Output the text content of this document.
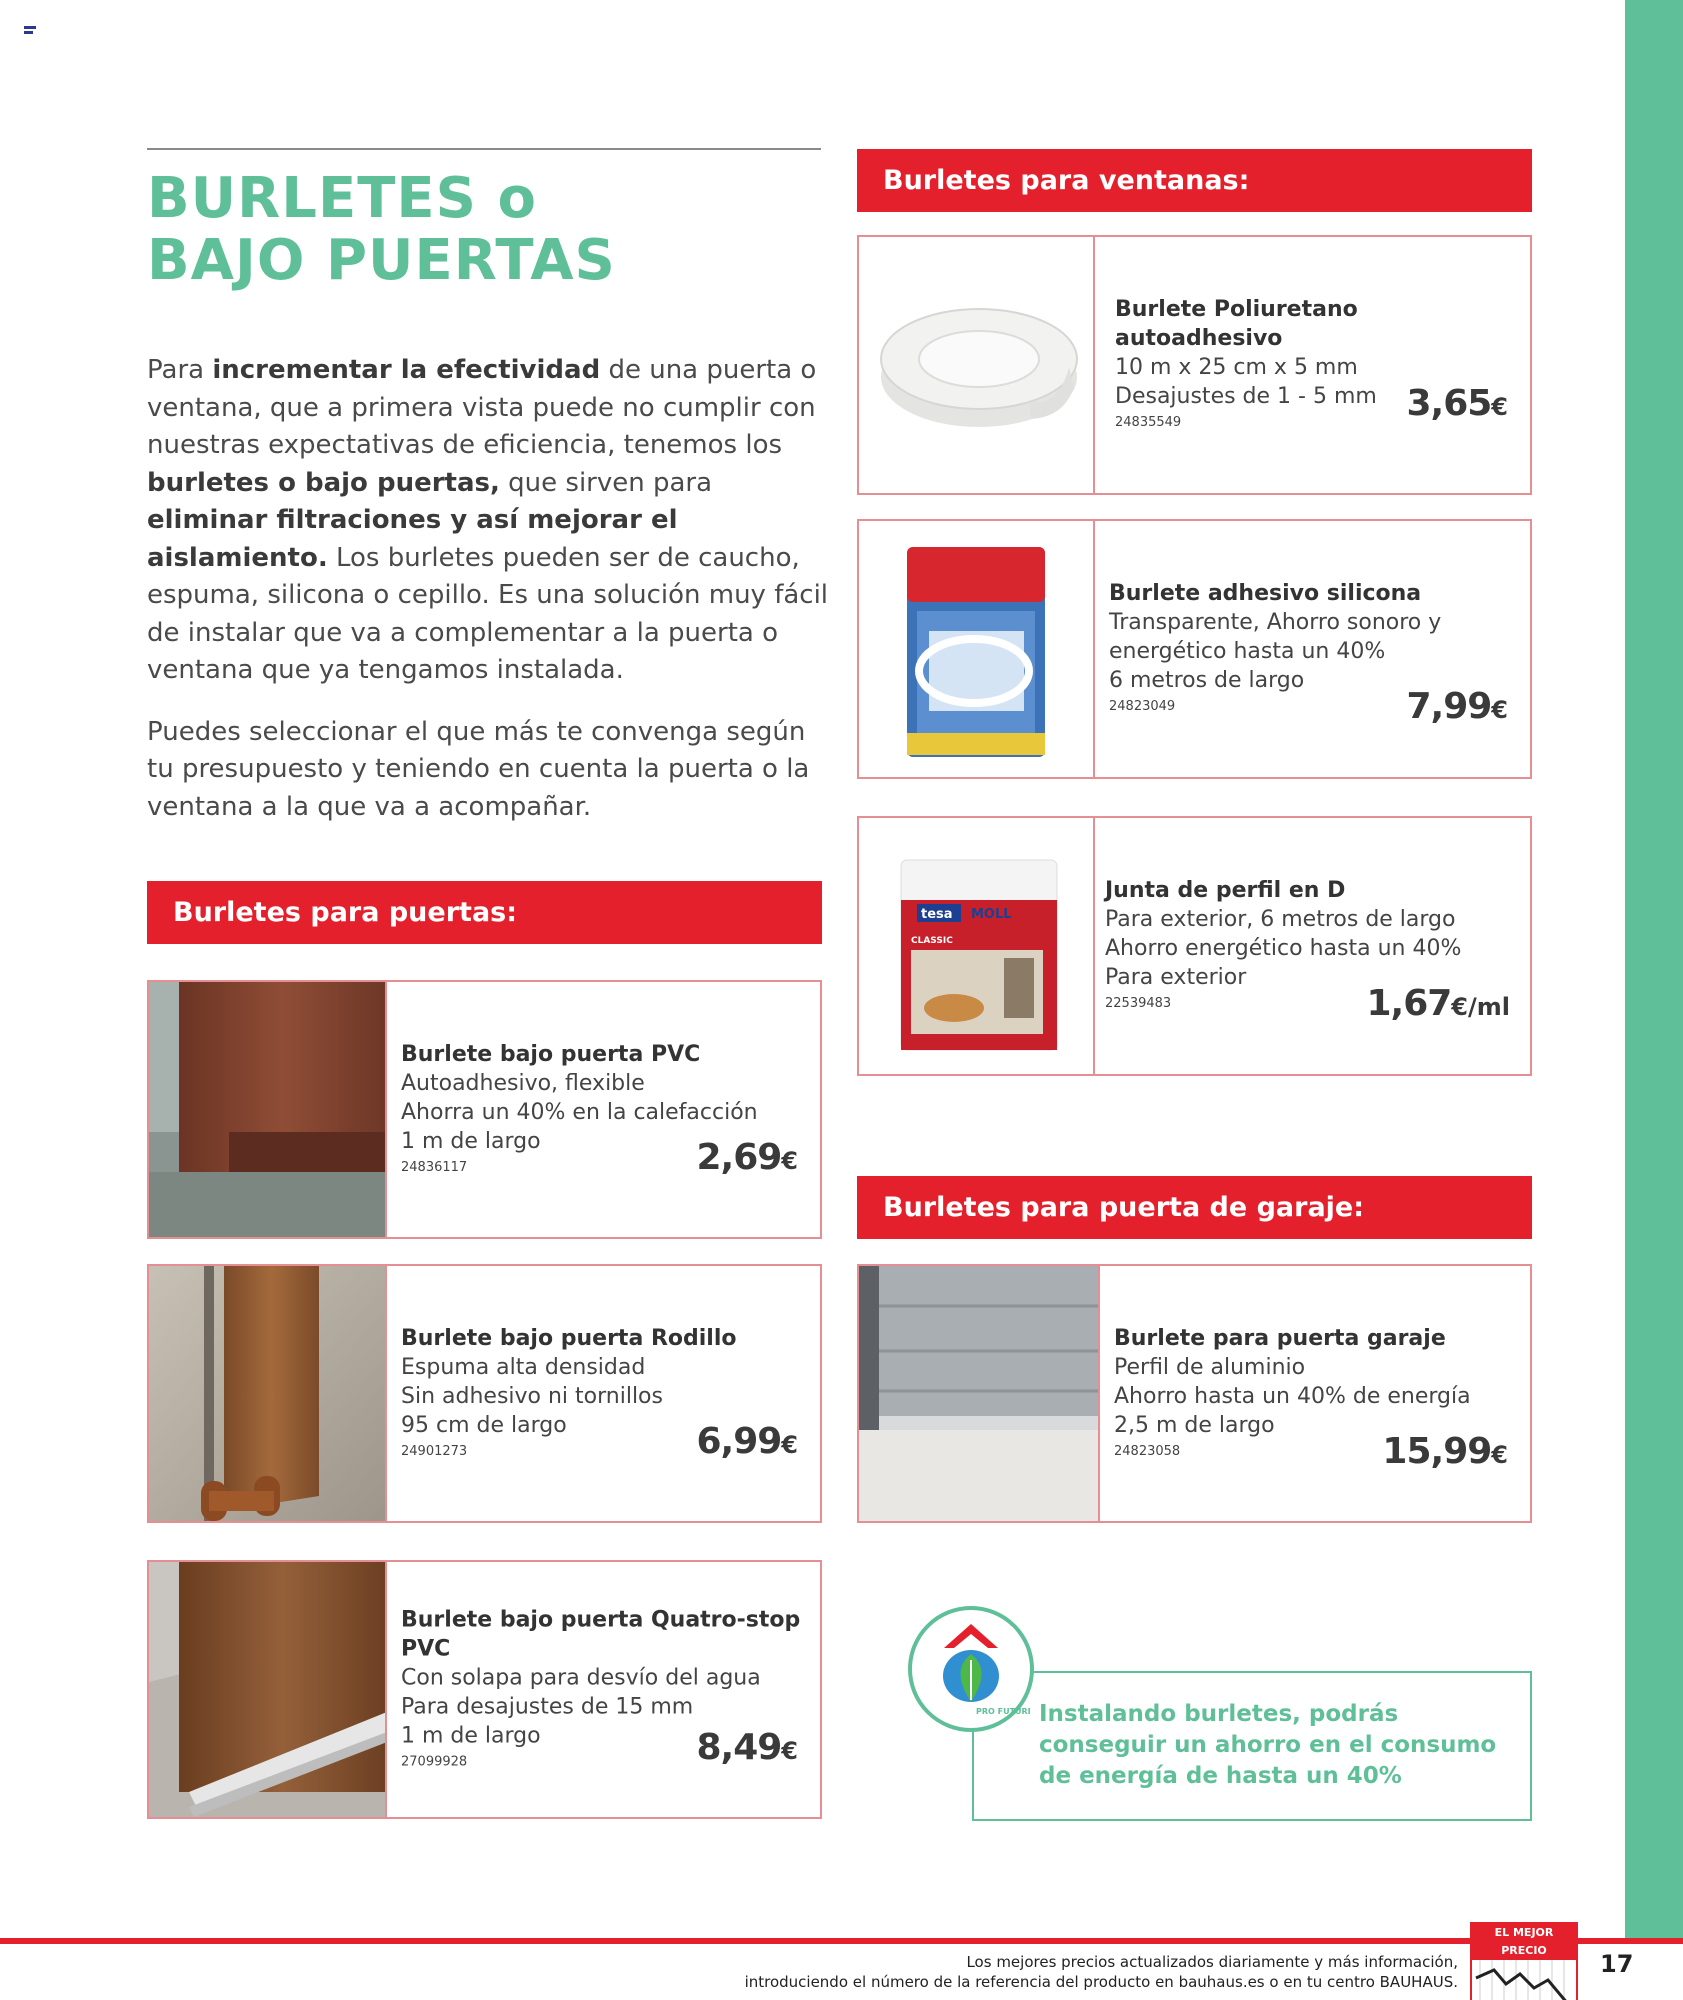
BURLETES o
BAJO PUERTAS

Para incrementar la efectividad de una puerta o ventana, que a primera vista puede no cumplir con nuestras expectativas de eficiencia, tenemos los burletes o bajo puertas, que sirven para eliminar filtraciones y así mejorar el aislamiento. Los burletes pueden ser de caucho, espuma, silicona o cepillo. Es una solución muy fácil de instalar que va a complementar a la puerta o ventana que ya tengamos instalada.

Puedes seleccionar el que más te convenga según tu presupuesto y teniendo en cuenta la puerta o la ventana a la que va a acompañar.

Burletes para puertas:
Burletes para ventanas:
Burletes para puerta de garaje:
Burlete bajo puerta PVC
Autoadhesivo, flexible
Ahorra un 40% en la calefacción
1 m de largo
24836117	2,69€
Burlete bajo puerta Rodillo
Espuma alta densidad
Sin adhesivo ni tornillos
95 cm de largo
24901273	6,99€
Burlete bajo puerta Quatro-stop PVC
Con solapa para desvío del agua
Para desajustes de 15 mm
1 m de largo
27099928	8,49€
Burlete Poliuretano autoadhesivo
10 m x 25 cm x 5 mm
Desajustes de 1 - 5 mm
24835549	3,65€
Burlete adhesivo silicona
Transparente, Ahorro sonoro y
energético hasta un 40%
6 metros de largo
24823049	7,99€
tesa MOLL
CLASSIC
Junta de perfil en D
Para exterior, 6 metros de largo
Ahorro energético hasta un 40%
Para exterior
22539483	1,67€/ml
Burlete para puerta garaje
Perfil de aluminio
Ahorro hasta un 40% de energía
2,5 m de largo
24823058	15,99€
Instalando burletes, podrás conseguir un ahorro en el consumo de energía de hasta un 40%
PRO FUTURE
Los mejores precios actualizados diariamente y más información,
introduciendo el número de la referencia del producto en bauhaus.es o en tu centro BAUHAUS.
EL MEJOR PRECIO	17
